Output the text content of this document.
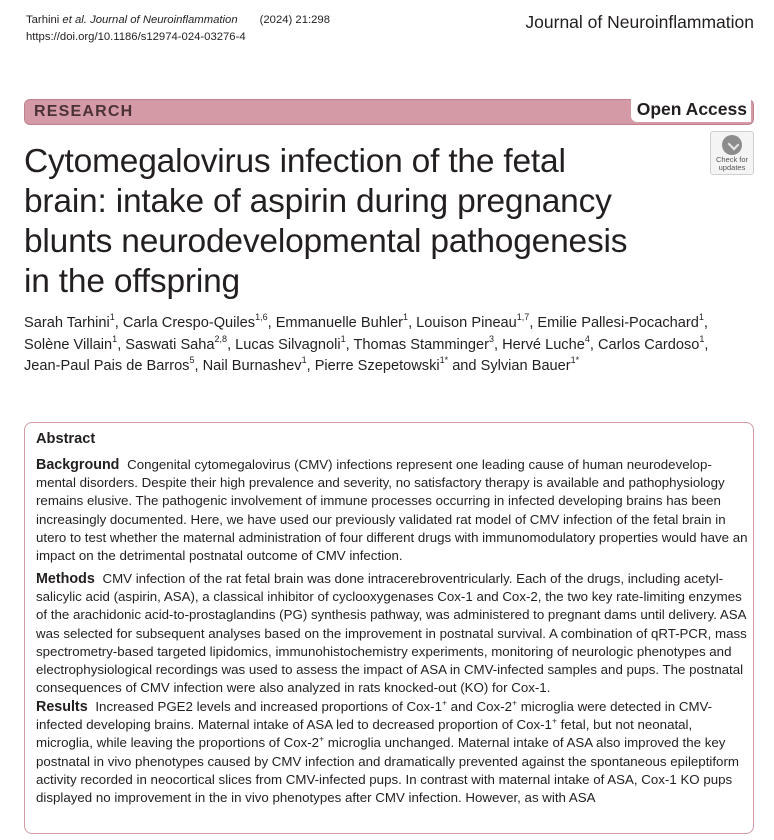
Tarhini et al. Journal of Neuroinflammation (2024) 21:298
https://doi.org/10.1186/s12974-024-03276-4
Journal of Neuroinflammation
RESEARCH	Open Access
Check for
updates
Cytomegalovirus infection of the fetal
brain: intake of aspirin during pregnancy
blunts neurodevelopmental pathogenesis
in the offspring
Sarah Tarhini$^1$, Carla Crespo-Quiles$^{1,6}$, Emmanuelle Buhler$^1$, Louison Pineau$^{1,7}$, Emilie Pallesi-Pocachard$^1$, Solène Villain$^1$, Saswati Saha$^{2,8}$, Lucas Silvagnoli$^1$, Thomas Stamminger$^3$, Hervé Luche$^4$, Carlos Cardoso$^1$, Jean-Paul Pais de Barros$^5$, Nail Burnashev$^1$, Pierre Szepetowski$^{1*}$ and Sylvian Bauer$^{1*}$
Abstract

Background Congenital cytomegalovirus (CMV) infections represent one leading cause of human neurodevelop-mental disorders. Despite their high prevalence and severity, no satisfactory therapy is available and pathophysiology remains elusive. The pathogenic involvement of immune processes occurring in infected developing brains has been increasingly documented. Here, we have used our previously validated rat model of CMV infection of the fetal brain in utero to test whether the maternal administration of four different drugs with immunomodulatory properties would have an impact on the detrimental postnatal outcome of CMV infection.

Methods CMV infection of the rat fetal brain was done intracerebroventricularly. Each of the drugs, including acetyl-salicylic acid (aspirin, ASA), a classical inhibitor of cyclooxygenases Cox-1 and Cox-2, the two key rate-limiting enzymes of the arachidonic acid-to-prostaglandins (PG) synthesis pathway, was administered to pregnant dams until delivery. ASA was selected for subsequent analyses based on the improvement in postnatal survival. A combination of qRT-PCR, mass spectrometry-based targeted lipidomics, immunohistochemistry experiments, monitoring of neurologic phenotypes and electrophysiological recordings was used to assess the impact of ASA in CMV-infected samples and pups. The postnatal consequences of CMV infection were also analyzed in rats knocked-out (KO) for Cox-1.

Results Increased PGE2 levels and increased proportions of Cox-1+ and Cox-2+ microglia were detected in CMV-infected developing brains. Maternal intake of ASA led to decreased proportion of Cox-1+ fetal, but not neonatal, microglia, while leaving the proportions of Cox-2+ microglia unchanged. Maternal intake of ASA also improved the key postnatal in vivo phenotypes caused by CMV infection and dramatically prevented against the spontaneous epileptiform activity recorded in neocortical slices from CMV-infected pups. In contrast with maternal intake of ASA, Cox-1 KO pups displayed no improvement in the in vivo phenotypes after CMV infection. However, as with ASA
